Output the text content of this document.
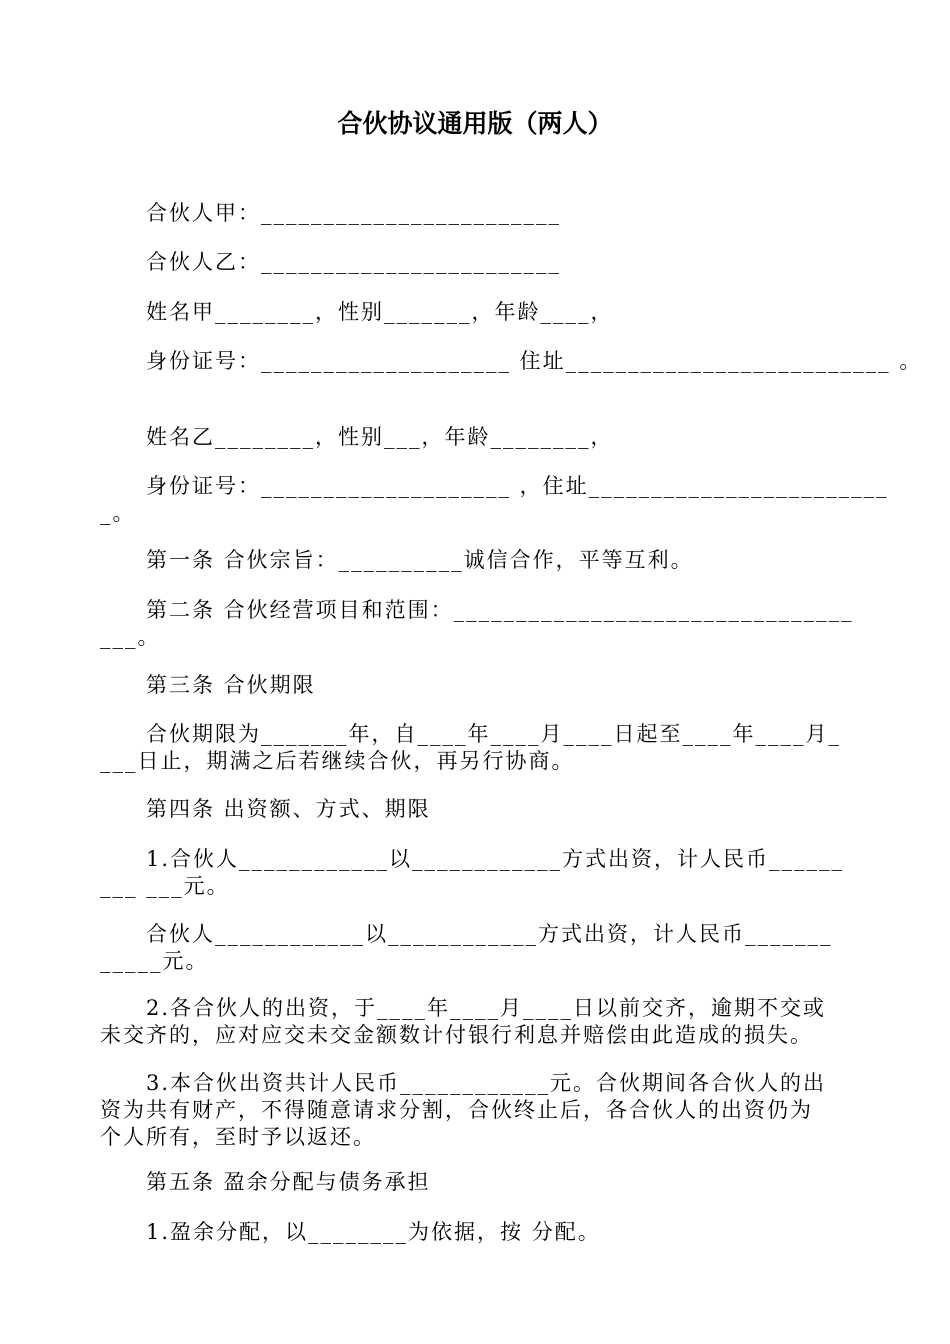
合伙协议通用版（两人）

　　合伙人甲：________________________

　　合伙人乙：________________________

　　姓名甲________，性别_______，年龄____，

　　身份证号：____________________ 住址__________________________ 。

　　姓名乙________，性别___，年龄________，

　　身份证号：____________________ ，住址________________________

_。

　　第一条 合伙宗旨：__________诚信合作，平等互利。

　　第二条 合伙经营项目和范围：________________________________

___。

　　第三条 合伙期限

　　合伙期限为_______年，自____年____月____日起至____年____月_

___日止，期满之后若继续合伙，再另行协商。

　　第四条 出资额、方式、期限

　　1.合伙人____________以____________方式出资，计人民币______

___ ___元。

　　合伙人____________以____________方式出资，计人民币_______

_____元。

　　2.各合伙人的出资，于____年____月____日以前交齐，逾期不交或

未交齐的，应对应交未交金额数计付银行利息并赔偿由此造成的损失。

　　3.本合伙出资共计人民币____________元。合伙期间各合伙人的出

资为共有财产，不得随意请求分割，合伙终止后，各合伙人的出资仍为

个人所有，至时予以返还。

　　第五条 盈余分配与债务承担

　　1.盈余分配，以________为依据，按 分配。
